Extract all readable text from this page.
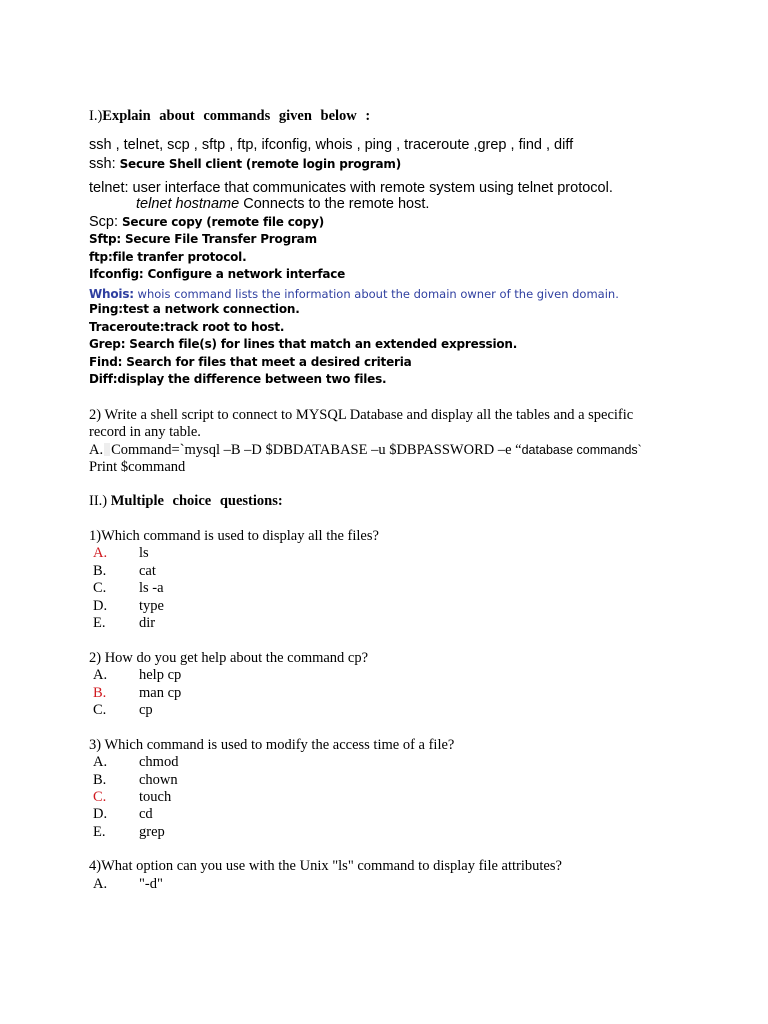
I.)Explain about commands given below :
ssh , telnet, scp , sftp , ftp, ifconfig, whois , ping , traceroute ,grep , find , diff
ssh: Secure Shell client (remote login program)
telnet: user interface that communicates with remote system using telnet protocol.
telnet hostname Connects to the remote host.
Scp: Secure copy (remote file copy)
Sftp: Secure File Transfer Program
ftp:file tranfer protocol.
Ifconfig: Configure a network interface
Whois: whois command lists the information about the domain owner of the given domain.
Ping:test a network connection.
Traceroute:track root to host.
Grep: Search file(s) for lines that match an extended expression.
Find: Search for files that meet a desired criteria
Diff:display the difference between two files.
2) Write a shell script to connect to MYSQL Database and display all the tables and a specific
record in any table.
A. Command=`mysql –B –D $DBDATABASE –u $DBPASSWORD –e “database commands`
Print $command
II.) Multiple choice questions:
1)Which command is used to display all the files?
A. ls
B. cat
C. ls -a
D. type
E. dir
2) How do you get help about the command cp?
A. help cp
B. man cp
C. cp
3) Which command is used to modify the access time of a file?
A. chmod
B. chown
C. touch
D. cd
E. grep
4)What option can you use with the Unix "ls" command to display file attributes?
A. "-d"
